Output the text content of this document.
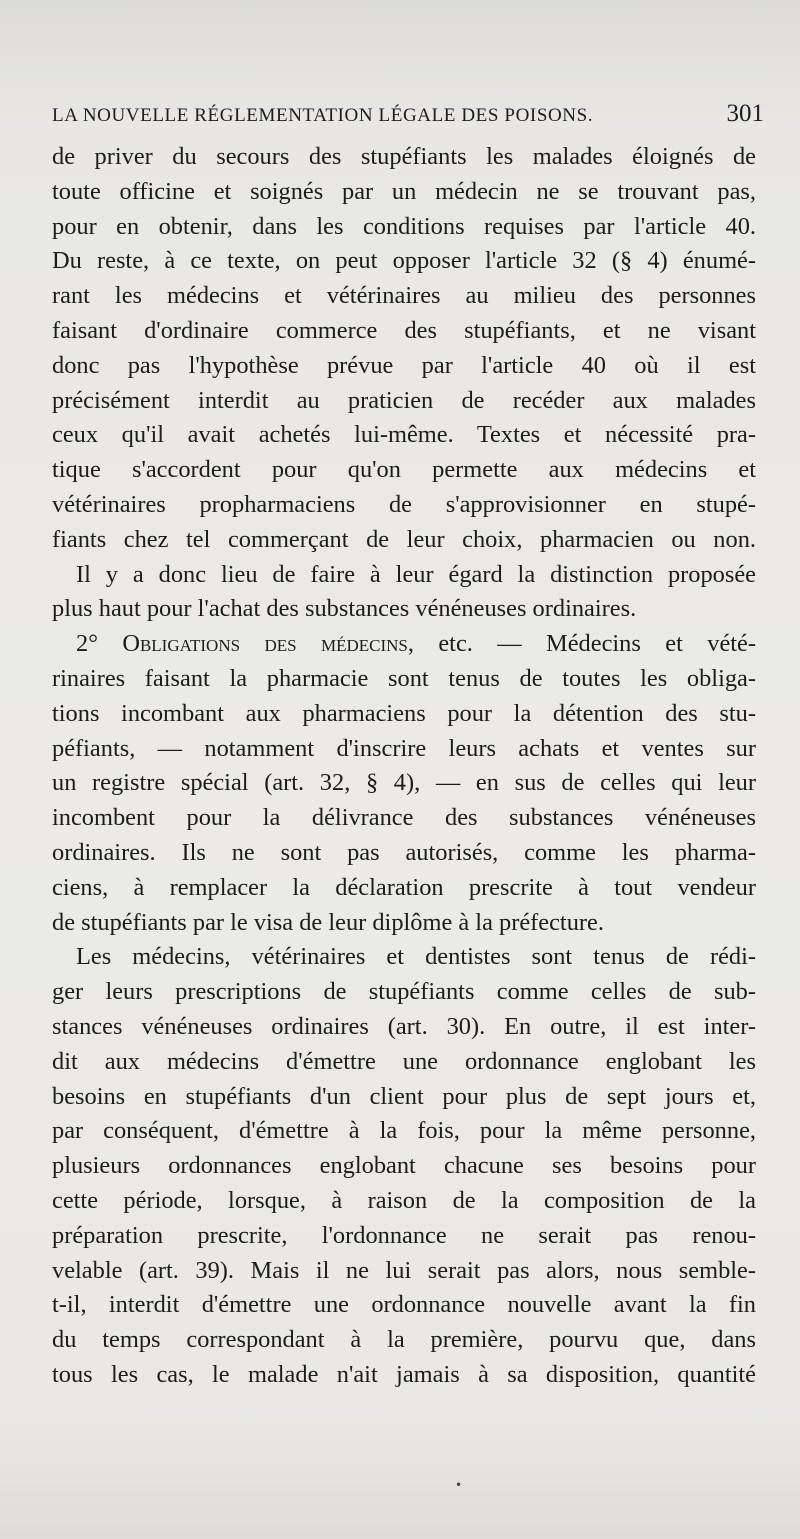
LA NOUVELLE RÉGLEMENTATION LÉGALE DES POISONS.	301
de priver du secours des stupéfiants les malades éloignés de
toute officine et soignés par un médecin ne se trouvant pas,
pour en obtenir, dans les conditions requises par l'article 40.
Du reste, à ce texte, on peut opposer l'article 32 (§ 4) énumé-
rant les médecins et vétérinaires au milieu des personnes
faisant d'ordinaire commerce des stupéfiants, et ne visant
donc pas l'hypothèse prévue par l'article 40 où il est
précisément interdit au praticien de recéder aux malades
ceux qu'il avait achetés lui-même. Textes et nécessité pra-
tique s'accordent pour qu'on permette aux médecins et
vétérinaires propharmaciens de s'approvisionner en stupé-
fiants chez tel commerçant de leur choix, pharmacien ou non.
Il y a donc lieu de faire à leur égard la distinction proposée
plus haut pour l'achat des substances vénéneuses ordinaires.
2° Obligations des médecins, etc. — Médecins et vété-
rinaires faisant la pharmacie sont tenus de toutes les obliga-
tions incombant aux pharmaciens pour la détention des stu-
péfiants, — notamment d'inscrire leurs achats et ventes sur
un registre spécial (art. 32, § 4), — en sus de celles qui leur
incombent pour la délivrance des substances vénéneuses
ordinaires. Ils ne sont pas autorisés, comme les pharma-
ciens, à remplacer la déclaration prescrite à tout vendeur
de stupéfiants par le visa de leur diplôme à la préfecture.
Les médecins, vétérinaires et dentistes sont tenus de rédi-
ger leurs prescriptions de stupéfiants comme celles de sub-
stances vénéneuses ordinaires (art. 30). En outre, il est inter-
dit aux médecins d'émettre une ordonnance englobant les
besoins en stupéfiants d'un client pour plus de sept jours et,
par conséquent, d'émettre à la fois, pour la même personne,
plusieurs ordonnances englobant chacune ses besoins pour
cette période, lorsque, à raison de la composition de la
préparation prescrite, l'ordonnance ne serait pas renou-
velable (art. 39). Mais il ne lui serait pas alors, nous semble-
t-il, interdit d'émettre une ordonnance nouvelle avant la fin
du temps correspondant à la première, pourvu que, dans
tous les cas, le malade n'ait jamais à sa disposition, quantité
•
